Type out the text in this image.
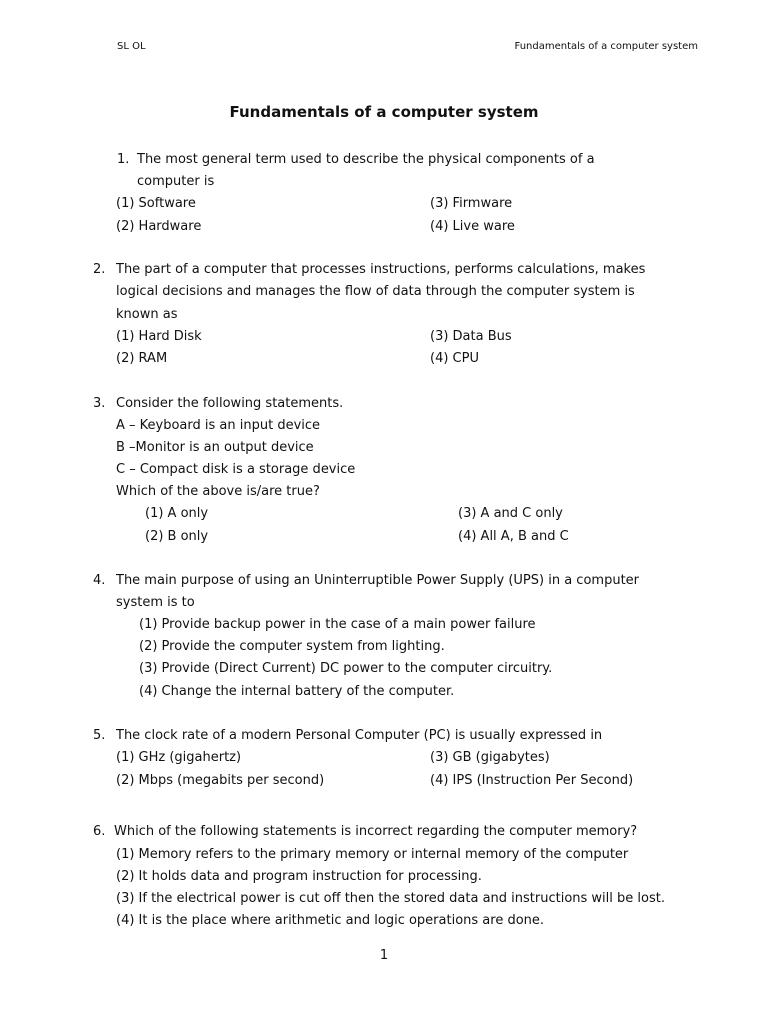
SL OL	Fundamentals of a computer system
Fundamentals of a computer system
1. The most general term used to describe the physical components of a
computer is
(1) Software	(3) Firmware
(2) Hardware	(4) Live ware
2. The part of a computer that processes instructions, performs calculations, makes
logical decisions and manages the flow of data through the computer system is
known as
(1) Hard Disk	(3) Data Bus
(2) RAM	(4) CPU
3. Consider the following statements.
A – Keyboard is an input device
B –Monitor is an output device
C – Compact disk is a storage device
Which of the above is/are true?
(1) A only	(3) A and C only
(2) B only	(4) All A, B and C
4. The main purpose of using an Uninterruptible Power Supply (UPS) in a computer
system is to
(1) Provide backup power in the case of a main power failure
(2) Provide the computer system from lighting.
(3) Provide (Direct Current) DC power to the computer circuitry.
(4) Change the internal battery of the computer.
5. The clock rate of a modern Personal Computer (PC) is usually expressed in
(1) GHz (gigahertz)	(3) GB (gigabytes)
(2) Mbps (megabits per second)	(4) IPS (Instruction Per Second)
6. Which of the following statements is incorrect regarding the computer memory?
(1) Memory refers to the primary memory or internal memory of the computer
(2) It holds data and program instruction for processing.
(3) If the electrical power is cut off then the stored data and instructions will be lost.
(4) It is the place where arithmetic and logic operations are done.
1
